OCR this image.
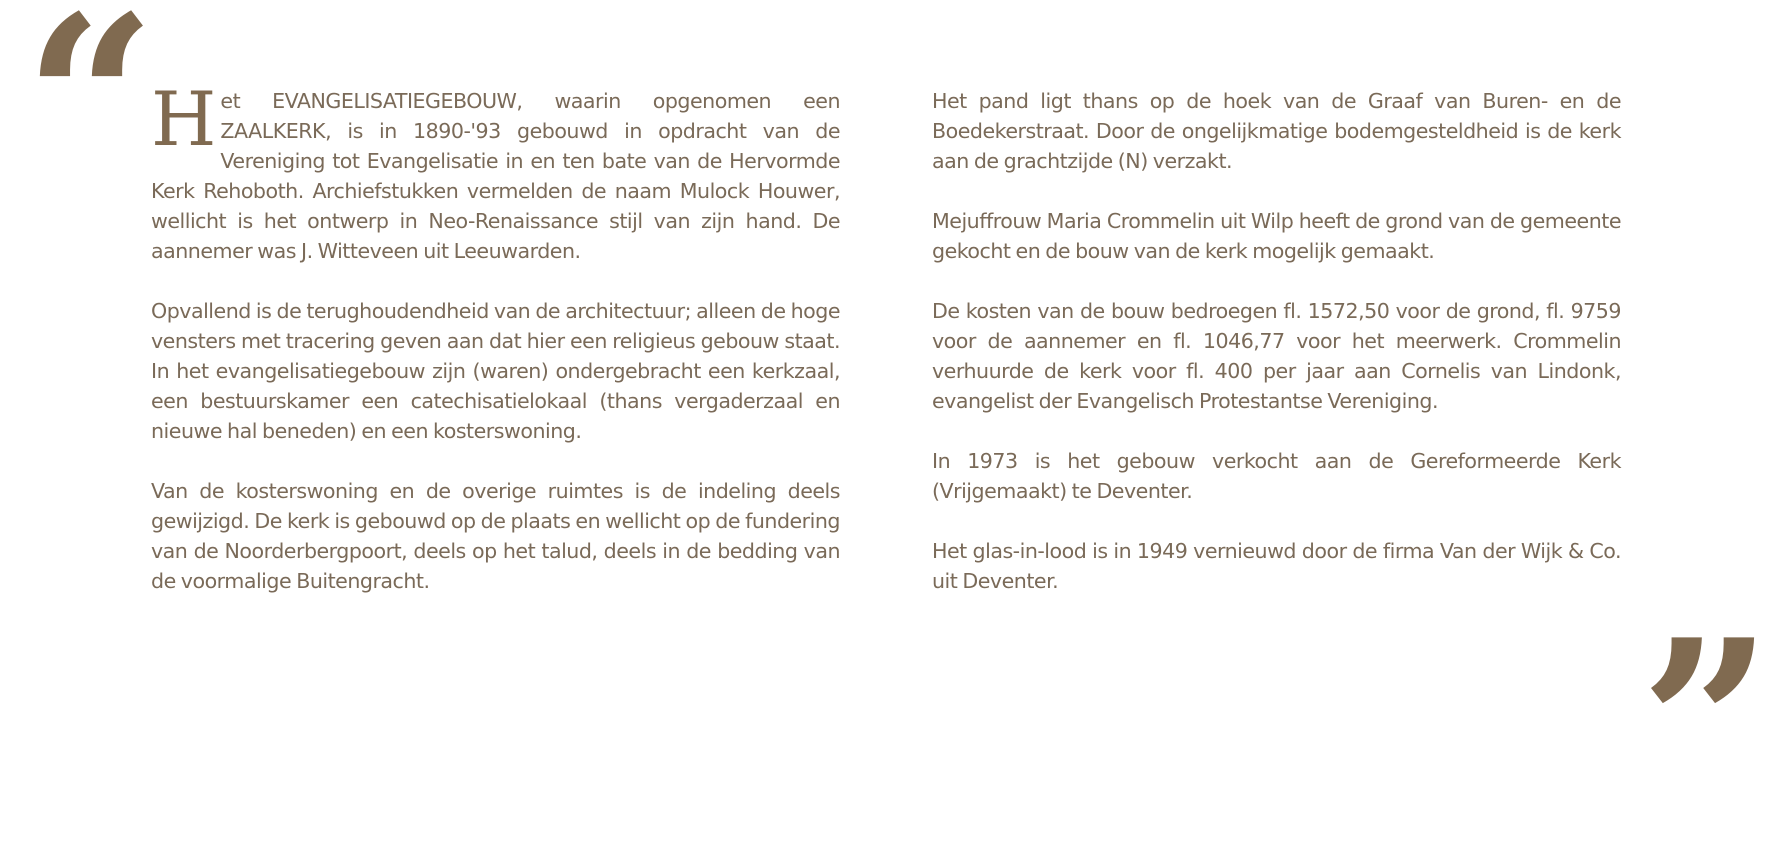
“

Het EVANGELISATIEGEBOUW, waarin opgenomen een ZAALKERK, is in 1890-'93 gebouwd in opdracht van de Vereniging tot Evangelisatie in en ten bate van de Hervormde Kerk Rehoboth. Archiefstukken vermelden de naam Mulock Houwer, wellicht is het ontwerp in Neo-Renaissance stijl van zijn hand. De aannemer was J. Witteveen uit Leeuwarden.

Opvallend is de terughoudendheid van de architectuur; alleen de hoge vensters met tracering geven aan dat hier een religieus gebouw staat. In het evangelisatiegebouw zijn (waren) ondergebracht een kerkzaal, een bestuurskamer een catechisatielokaal (thans vergaderzaal en nieuwe hal beneden) en een kosterswoning.

Van de kosterswoning en de overige ruimtes is de indeling deels gewijzigd. De kerk is gebouwd op de plaats en wellicht op de fundering van de Noorderbergpoort, deels op het talud, deels in de bedding van de voormalige Buitengracht.

Het pand ligt thans op de hoek van de Graaf van Buren- en de Boedekerstraat. Door de ongelijkmatige bodemgesteldheid is de kerk aan de grachtzijde (N) verzakt.

Mejuffrouw Maria Crommelin uit Wilp heeft de grond van de gemeente gekocht en de bouw van de kerk mogelijk gemaakt.

De kosten van de bouw bedroegen fl. 1572,50 voor de grond, fl. 9759 voor de aannemer en fl. 1046,77 voor het meerwerk. Crommelin verhuurde de kerk voor fl. 400 per jaar aan Cornelis van Lindonk, evangelist der Evangelisch Protestantse Vereniging.

In 1973 is het gebouw verkocht aan de Gereformeerde Kerk (Vrijgemaakt) te Deventer.

Het glas-in-lood is in 1949 vernieuwd door de firma Van der Wijk & Co. uit Deventer.

”
